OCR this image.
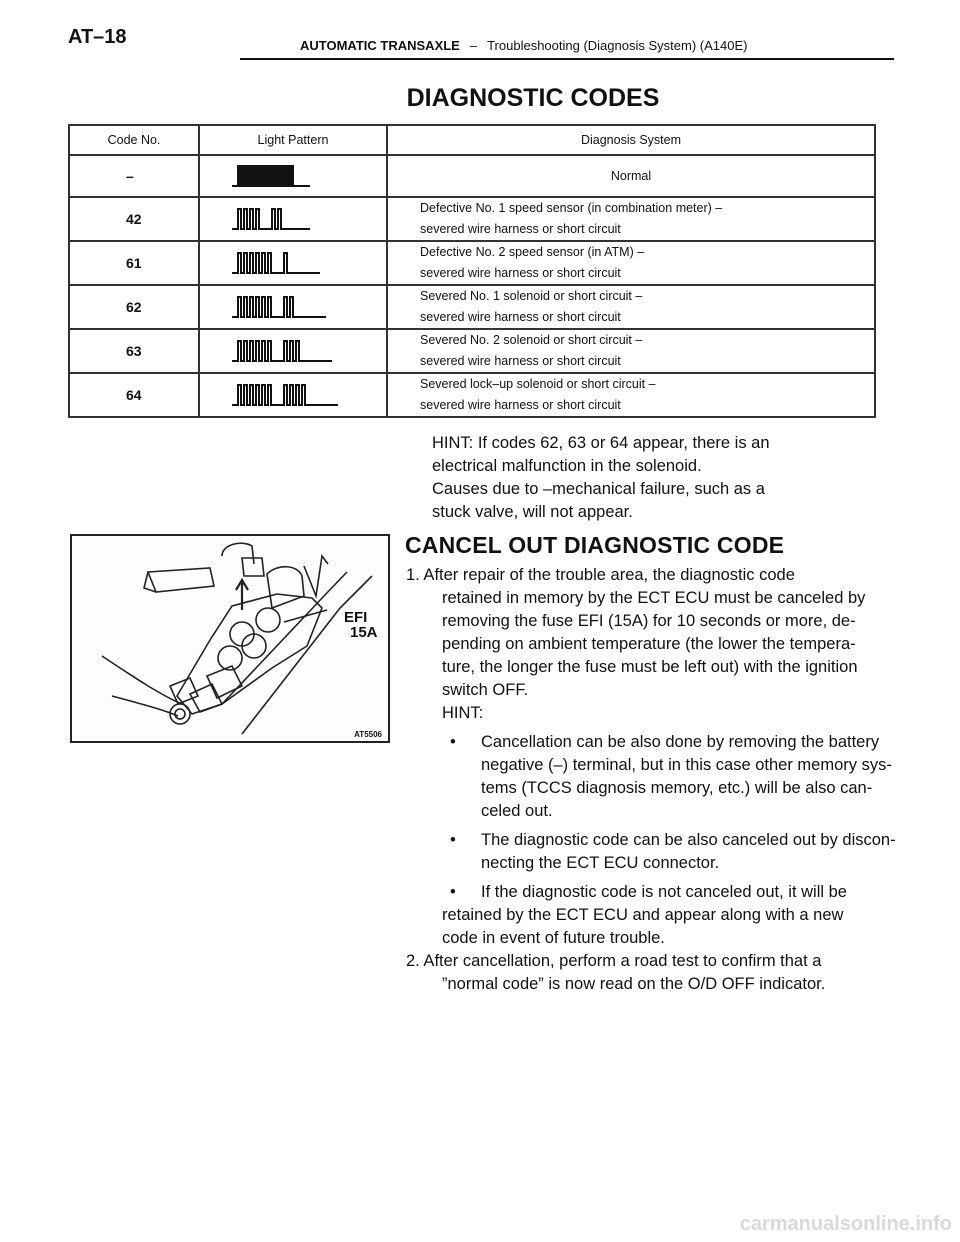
AT–18	AUTOMATIC TRANSAXLE – Troubleshooting (Diagnosis System) (A140E)
DIAGNOSTIC CODES
Code No.	Light Pattern	Diagnosis System
–		Normal
42		Defective No. 1 speed sensor (in combination meter) –
severed wire harness or short circuit

61		Defective No. 2 speed sensor (in ATM) –
severed wire harness or short circuit

62		Severed No. 1 solenoid or short circuit –
severed wire harness or short circuit

63		Severed No. 2 solenoid or short circuit –
severed wire harness or short circuit

64		Severed lock–up solenoid or short circuit –
severed wire harness or short circuit

HINT: If codes 62, 63 or 64 appear, there is an

electrical malfunction in the solenoid.

Causes due to –mechanical failure, such as a

stuck valve, will not appear.

EFI
15A
AT5506
CANCEL OUT DIAGNOSTIC CODE

1. After repair of the trouble area, the diagnostic code

retained in memory by the ECT ECU must be canceled by

removing the fuse EFI (15A) for 10 seconds or more, de-

pending on ambient temperature (the lower the tempera-

ture, the longer the fuse must be left out) with the ignition

switch OFF.

HINT:

• Cancellation can be also done by removing the battery

negative (–) terminal, but in this case other memory sys-

tems (TCCS diagnosis memory, etc.) will be also can-

celed out.

• The diagnostic code can be also canceled out by discon-

necting the ECT ECU connector.

• If the diagnostic code is not canceled out, it will be

retained by the ECT ECU and appear along with a new

code in event of future trouble.

2. After cancellation, perform a road test to confirm that a

”normal code” is now read on the O/D OFF indicator.

carmanualsonline.info
